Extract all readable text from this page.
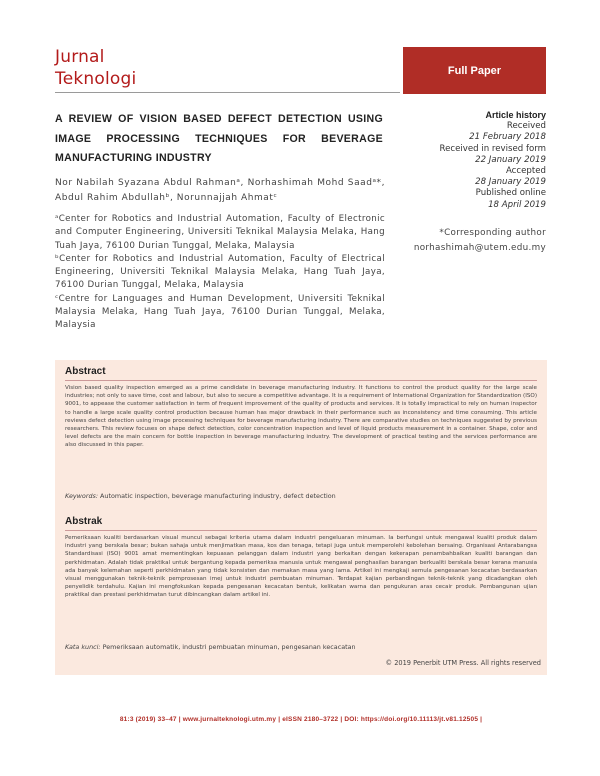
Jurnal
Teknologi	Full Paper
A REVIEW OF VISION BASED DEFECT DETECTION USING IMAGE PROCESSING TECHNIQUES FOR BEVERAGE MANUFACTURING INDUSTRY
Nor Nabilah Syazana Abdul Rahmanᵃ, Norhashimah Mohd Saadᵃ*, Abdul Rahim Abdullahᵇ, Norunnajjah Ahmatᶜ

ᵃCenter for Robotics and Industrial Automation, Faculty of Electronic and Computer Engineering, Universiti Teknikal Malaysia Melaka, Hang Tuah Jaya, 76100 Durian Tunggal, Melaka, Malaysia

ᵇCenter for Robotics and Industrial Automation, Faculty of Electrical Engineering, Universiti Teknikal Malaysia Melaka, Hang Tuah Jaya, 76100 Durian Tunggal, Melaka, Malaysia

ᶜCentre for Languages and Human Development, Universiti Teknikal Malaysia Melaka, Hang Tuah Jaya, 76100 Durian Tunggal, Melaka, Malaysia

Article history
Received
21 February 2018
Received in revised form
22 January 2019
Accepted
28 January 2019
Published online
18 April 2019
*Corresponding author
norhashimah@utem.edu.my
Abstract

Vision based quality inspection emerged as a prime candidate in beverage manufacturing industry. It functions to control the product quality for the large scale industries; not only to save time, cost and labour, but also to secure a competitive advantage. It is a requirement of International Organization for Standardization (ISO) 9001, to appease the customer satisfaction in term of frequent improvement of the quality of products and services. It is totally impractical to rely on human inspector to handle a large scale quality control production because human has major drawback in their performance such as inconsistency and time consuming. This article reviews defect detection using image processing techniques for beverage manufacturing industry. There are comparative studies on techniques suggested by previous researchers. This review focuses on shape defect detection, color concentration inspection and level of liquid products measurement in a container. Shape, color and level defects are the main concern for bottle inspection in beverage manufacturing industry. The development of practical testing and the services performance are also discussed in this paper.

Keywords: Automatic inspection, beverage manufacturing industry, defect detection
Abstrak

Pemeriksaan kualiti berdasarkan visual muncul sebagai kriteria utama dalam industri pengeluaran minuman. Ia berfungsi untuk mengawal kualiti produk dalam industri yang berskala besar; bukan sahaja untuk menjimatkan masa, kos dan tenaga, tetapi juga untuk memperolehi kebolehan bersaing. Organisasi Antarabangsa Standardisasi (ISO) 9001 amat mementingkan kepuasan pelanggan dalam industri yang berkaitan dengan kekerapan penambahbaikan kualiti barangan dan perkhidmatan. Adalah tidak praktikal untuk bergantung kepada pemeriksa manusia untuk mengawal penghasilan barangan berkualiti berskala besar kerana manusia ada banyak kelemahan seperti perkhidmatan yang tidak konsisten dan memakan masa yang lama. Artikel ini mengkaji semula pengesanan kecacatan berdasarkan visual menggunakan teknik-teknik pemprosesan imej untuk industri pembuatan minuman. Terdapat kajian perbandingan teknik-teknik yang dicadangkan oleh penyelidik terdahulu. Kajian ini mengfokuskan kepada pengesanan kecacatan bentuk, kelikatan warna dan pengukuran aras cecair produk. Pembangunan ujian praktikal dan prestasi perkhidmatan turut dibincangkan dalam artikel ini.

Kata kunci: Pemeriksaan automatik, industri pembuatan minuman, pengesanan kecacatan
© 2019 Penerbit UTM Press. All rights reserved
81:3 (2019) 33–47 | www.jurnalteknologi.utm.my | eISSN 2180–3722 | DOI: https://doi.org/10.11113/jt.v81.12505 |
